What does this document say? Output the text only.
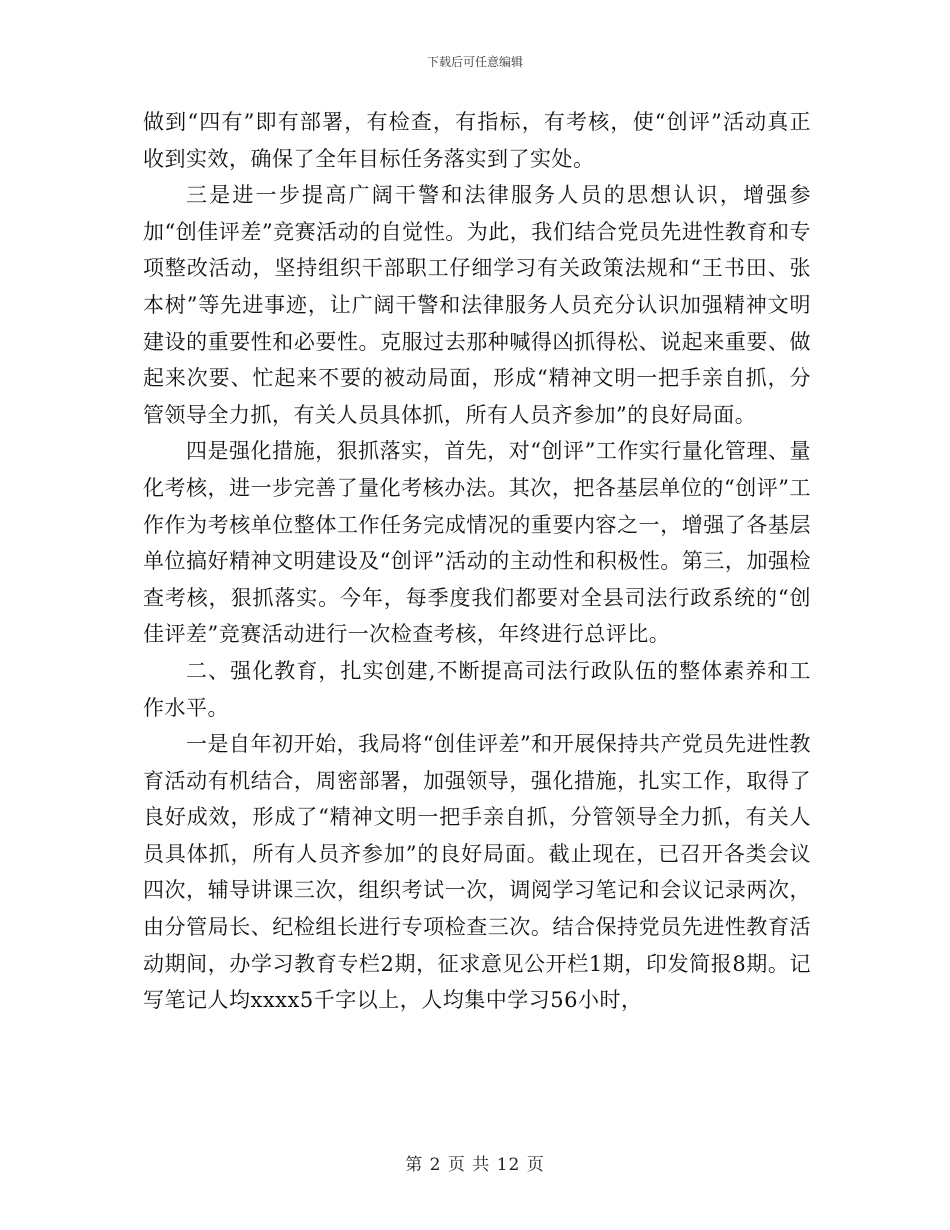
下载后可任意编辑

做到“四有”即有部署，有检查，有指标，有考核，使“创评”活动真正收到实效，确保了全年目标任务落实到了实处。

三是进一步提高广阔干警和法律服务人员的思想认识，增强参加“创佳评差”竞赛活动的自觉性。为此，我们结合党员先进性教育和专项整改活动，坚持组织干部职工仔细学习有关政策法规和“王书田、张本树”等先进事迹，让广阔干警和法律服务人员充分认识加强精神文明建设的重要性和必要性。克服过去那种喊得凶抓得松、说起来重要、做起来次要、忙起来不要的被动局面，形成“精神文明一把手亲自抓，分管领导全力抓，有关人员具体抓，所有人员齐参加”的良好局面。

四是强化措施，狠抓落实，首先，对“创评”工作实行量化管理、量化考核，进一步完善了量化考核办法。其次，把各基层单位的“创评”工作作为考核单位整体工作任务完成情况的重要内容之一，增强了各基层单位搞好精神文明建设及“创评”活动的主动性和积极性。第三，加强检查考核，狠抓落实。今年，每季度我们都要对全县司法行政系统的“创佳评差”竞赛活动进行一次检查考核，年终进行总评比。

二、强化教育，扎实创建,不断提高司法行政队伍的整体素养和工作水平。

一是自年初开始，我局将“创佳评差”和开展保持共产党员先进性教育活动有机结合，周密部署，加强领导，强化措施，扎实工作，取得了良好成效，形成了“精神文明一把手亲自抓，分管领导全力抓，有关人员具体抓，所有人员齐参加”的良好局面。截止现在，已召开各类会议四次，辅导讲课三次，组织考试一次，调阅学习笔记和会议记录两次，由分管局长、纪检组长进行专项检查三次。结合保持党员先进性教育活动期间，办学习教育专栏2期，征求意见公开栏1期，印发简报8期。记写笔记人均xxxx5千字以上，人均集中学习56小时，

第 2 页 共 12 页
